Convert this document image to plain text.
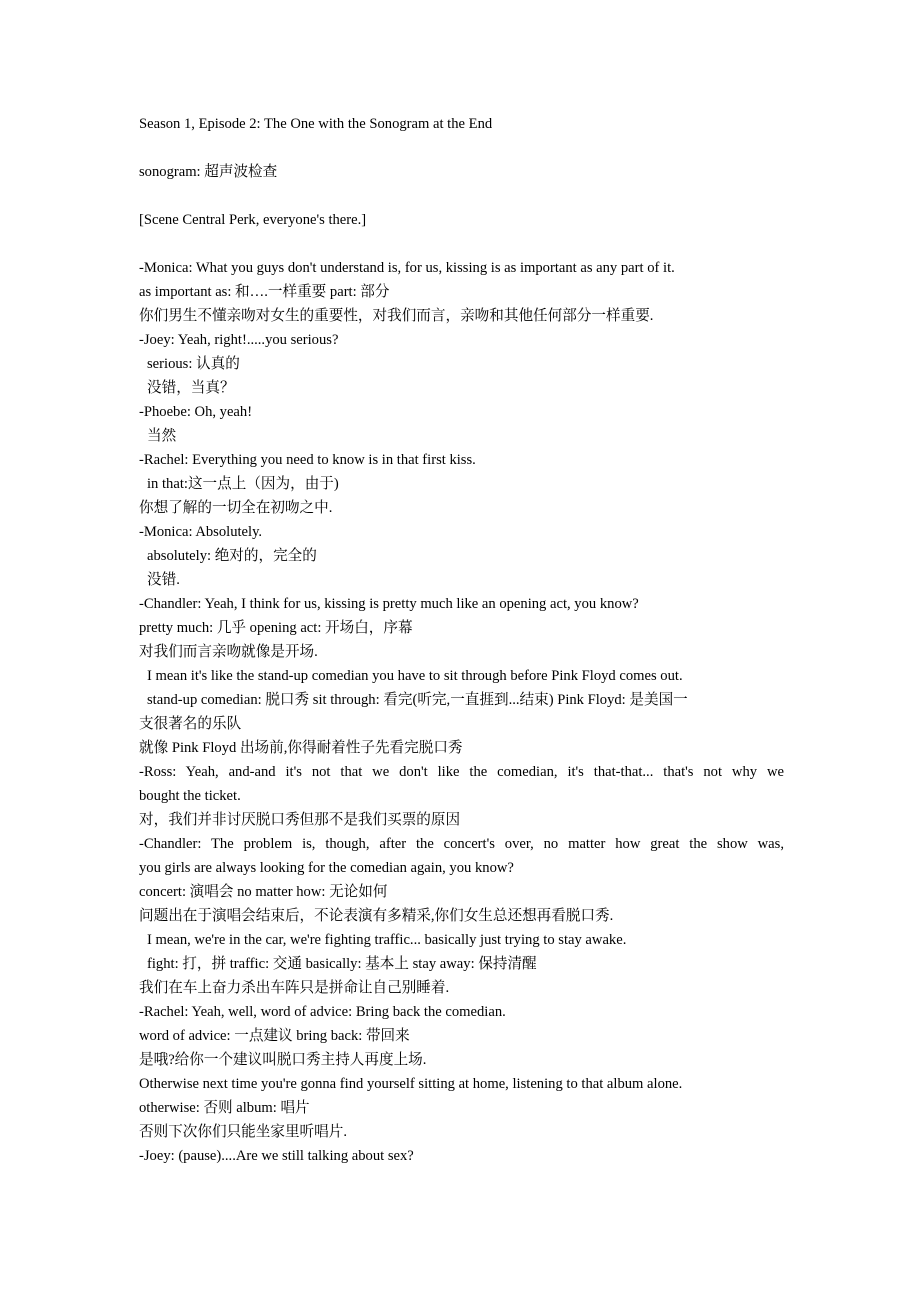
Season 1, Episode 2: The One with the Sonogram at the End
sonogram: 超声波检查
[Scene Central Perk, everyone's there.]
-Monica: What you guys don't understand is, for us, kissing is as important as any part of it.
as important as: 和….一样重要 part: 部分
你们男生不懂亲吻对女生的重要性，对我们而言，亲吻和其他任何部分一样重要.
-Joey: Yeah, right!.....you serious?
serious: 认真的
没错，当真？
-Phoebe: Oh, yeah!
当然
-Rachel: Everything you need to know is in that first kiss.
in that:这一点上（因为，由于)
你想了解的一切全在初吻之中.
-Monica: Absolutely.
absolutely: 绝对的，完全的
没错.
-Chandler: Yeah, I think for us, kissing is pretty much like an opening act, you know?
pretty much: 几乎 opening act: 开场白，序幕
对我们而言亲吻就像是开场.
I mean it's like the stand-up comedian you have to sit through before Pink Floyd comes out.
stand-up comedian: 脱口秀 sit through: 看完(听完,一直捱到...结束) Pink Floyd: 是美国一
支很著名的乐队
就像 Pink Floyd 出场前,你得耐着性子先看完脱口秀
-Ross: Yeah, and-and it's not that we don't like the comedian, it's that-that... that's not why we
bought the ticket.
对，我们并非讨厌脱口秀但那不是我们买票的原因
-Chandler: The problem is, though, after the concert's over, no matter how great the show was,
you girls are always looking for the comedian again, you know?
concert: 演唱会 no matter how: 无论如何
问题出在于演唱会结束后，不论表演有多精采,你们女生总还想再看脱口秀.
I mean, we're in the car, we're fighting traffic... basically just trying to stay awake.
fight: 打，拼 traffic: 交通 basically: 基本上 stay away: 保持清醒
我们在车上奋力杀出车阵只是拼命让自己别睡着.
-Rachel: Yeah, well, word of advice: Bring back the comedian.
word of advice: 一点建议 bring back: 带回来
是哦?给你一个建议叫脱口秀主持人再度上场.
Otherwise next time you're gonna find yourself sitting at home, listening to that album alone.
otherwise: 否则 album: 唱片
否则下次你们只能坐家里听唱片.
-Joey: (pause)....Are we still talking about sex?
